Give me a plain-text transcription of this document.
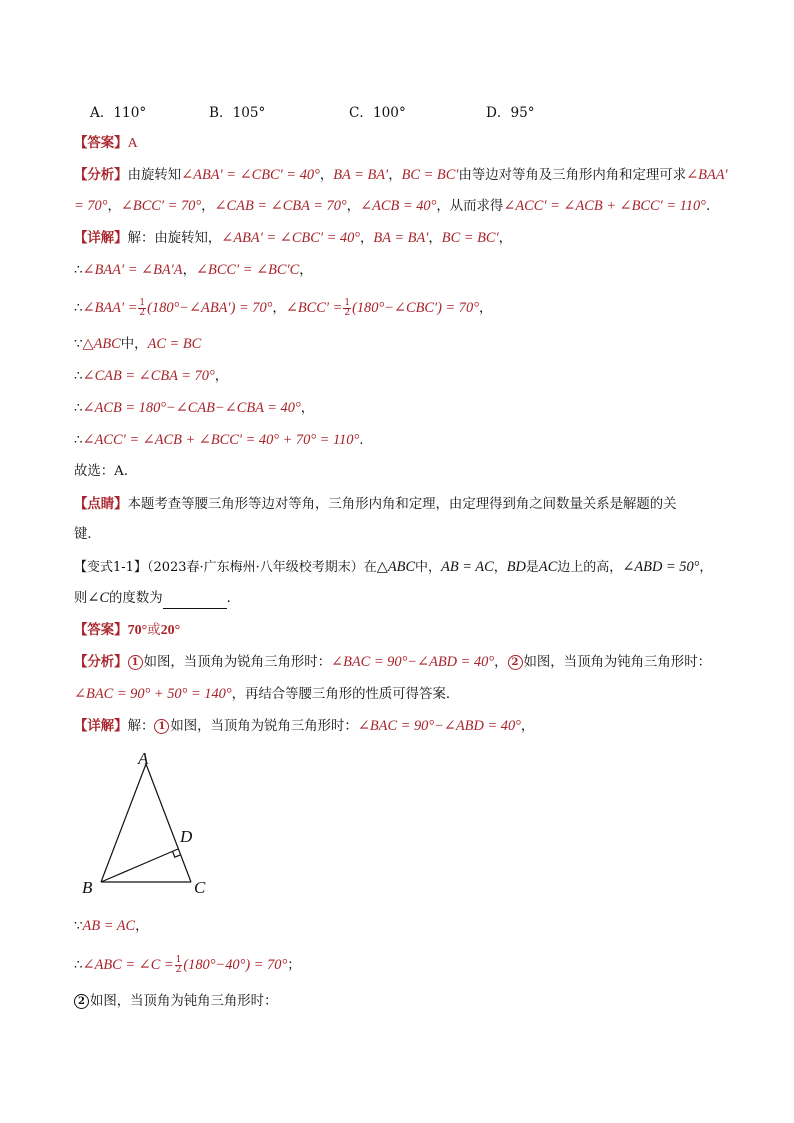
A．110°	B．105°	C．100°	D．95°
【答案】A
【分析】由旋转知∠ABA′ = ∠CBC′ = 40°，BA = BA′，BC = BC′由等边对等角及三角形内角和定理可求∠BAA′
= 70°，∠BCC′ = 70°，∠CAB = ∠CBA = 70°，∠ACB = 40°，从而求得∠ACC′ = ∠ACB + ∠BCC′ = 110°.
【详解】解：由旋转知，∠ABA′ = ∠CBC′ = 40°，BA = BA′，BC = BC′，
∴∠BAA′ = ∠BA′A，∠BCC′ = ∠BC′C，
∴∠BAA′ = $\frac{1}{2}$ (180°−∠ABA′) = 70°，∠BCC′ = $\frac{1}{2}$ (180°−∠CBC′) = 70°，
∵△ABC中，AC = BC
∴∠CAB = ∠CBA = 70°，
∴∠ACB = 180°−∠CAB−∠CBA = 40°，
∴∠ACC′ = ∠ACB + ∠BCC′ = 40° + 70° = 110°.
故选：A．
【点睛】本题考查等腰三角形等边对等角，三角形内角和定理，由定理得到角之间数量关系是解题的关
键．
【变式1-1】（2023春·广东梅州·八年级校考期末）在△ABC中，AB = AC，BD是AC边上的高，∠ABD = 50°，
则∠C的度数为	．
【答案】70°或20°
【分析】 1 如图，当顶角为锐角三角形时：∠BAC = 90°−∠ABD = 40°， 2 如图，当顶角为钝角三角形时：
∠BAC = 90° + 50° = 140°，再结合等腰三角形的性质可得答案．
【详解】解： 1 如图，当顶角为锐角三角形时：∠BAC = 90°−∠ABD = 40°，
A
B	C
D
∵AB = AC，
∴∠ABC = ∠C = $\frac{1}{2} (180^\circ-40^\circ) = 70^\circ$；
2 如图，当顶角为钝角三角形时：
